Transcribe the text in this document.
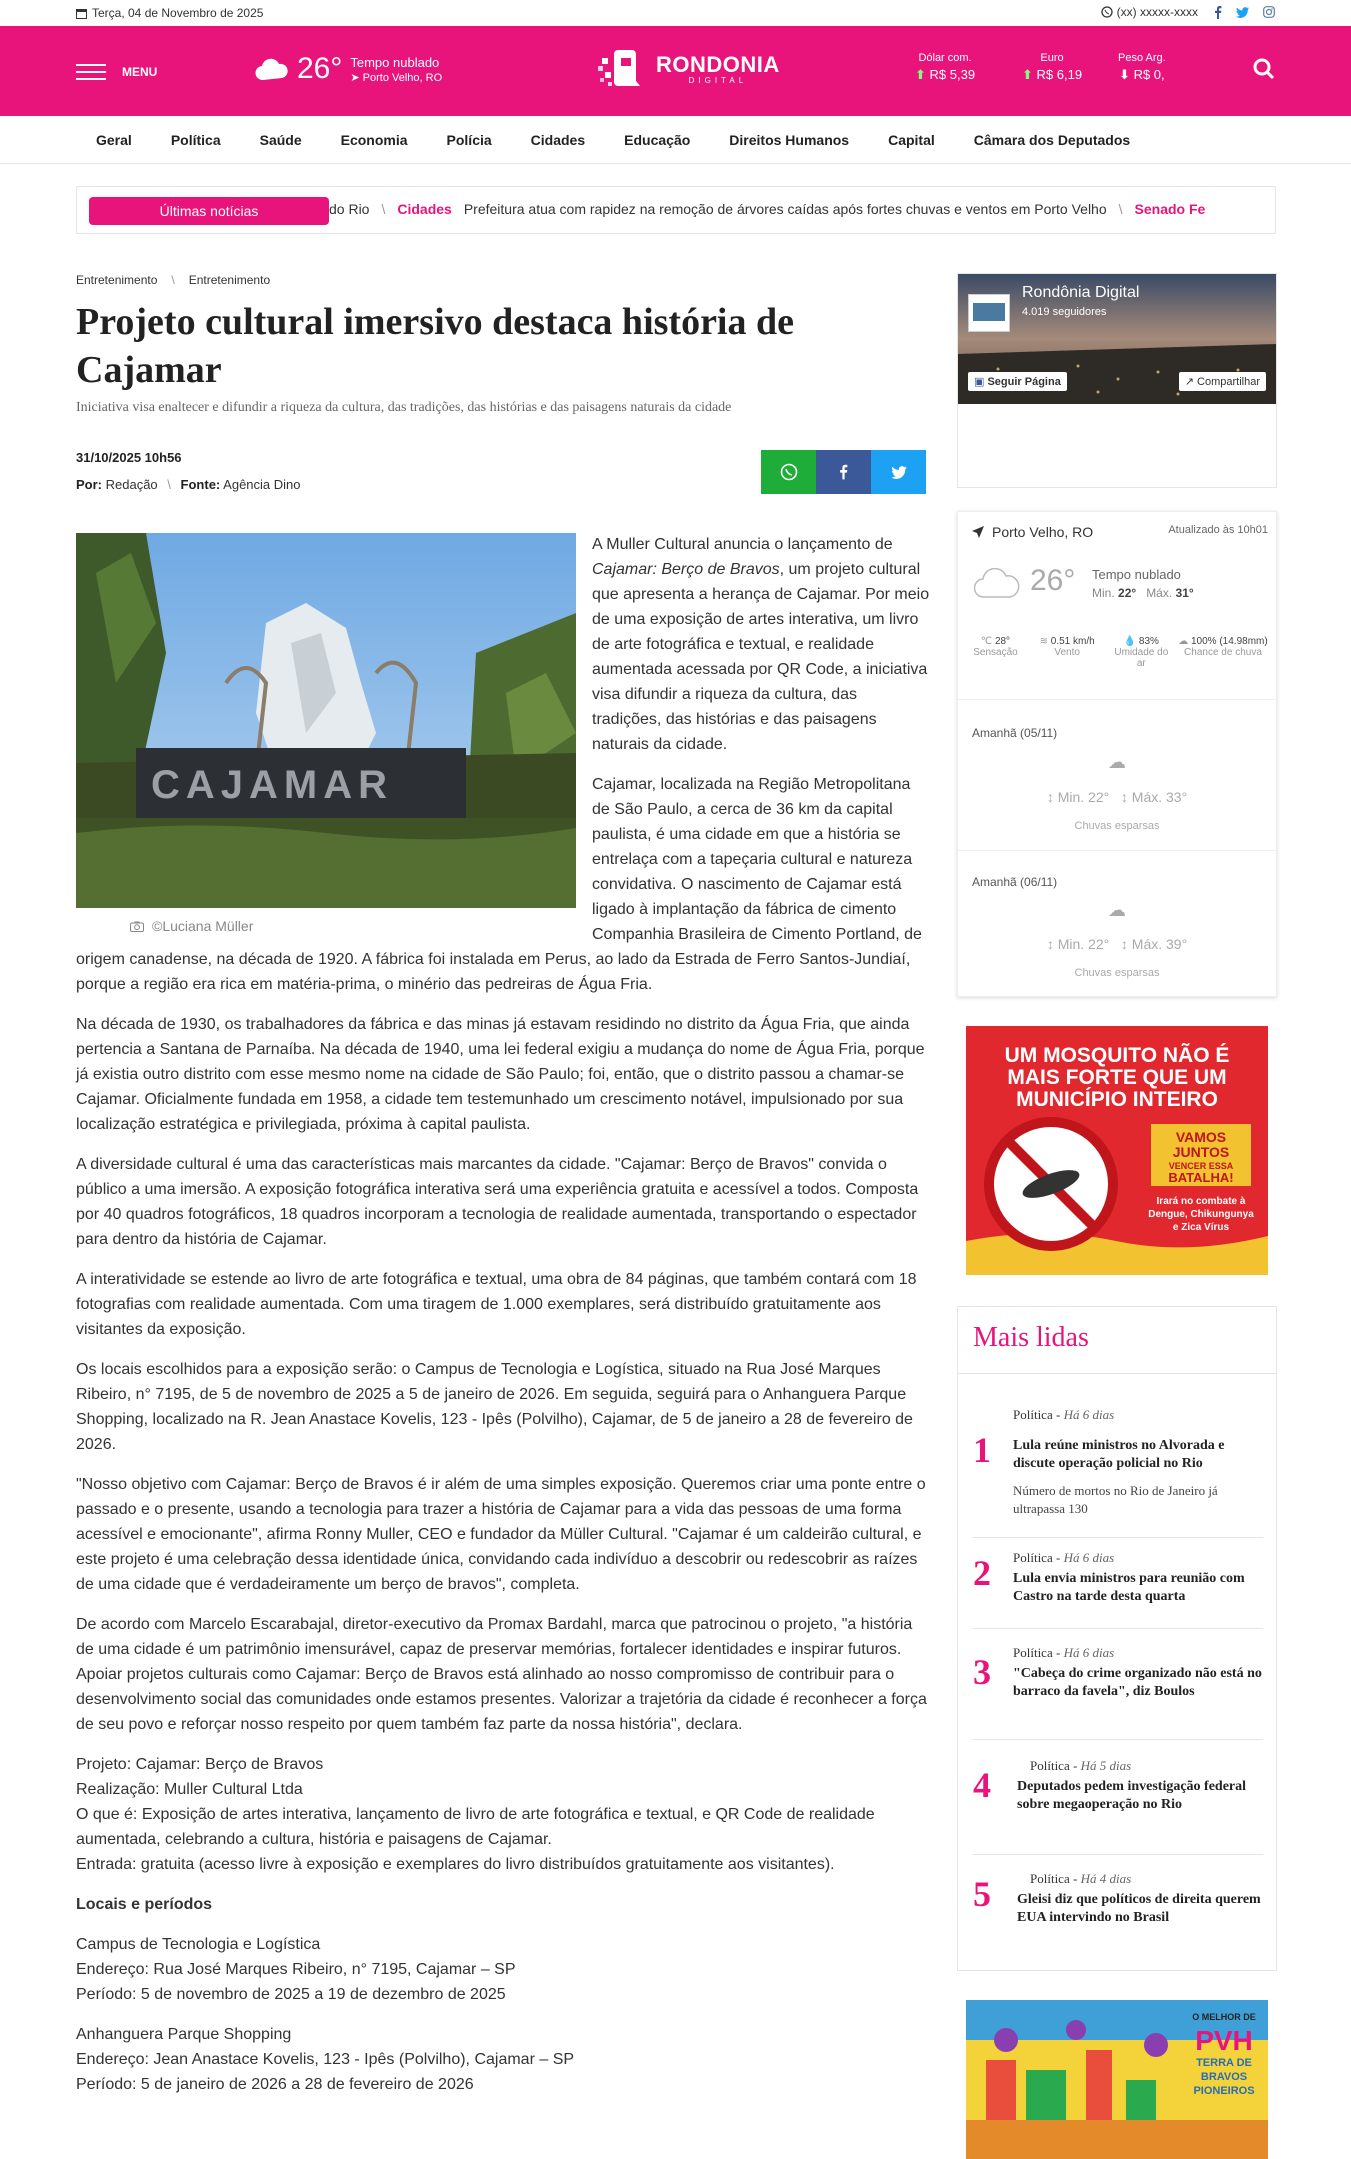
Terça, 04 de Novembro de 2025	(xx) xxxxx-xxxx
MENU	26° Tempo nublado
➤ Porto Velho, RO
RONDONIA
DIGITAL
Dólar com.
⬆ R$ 5,39
Euro
⬆ R$ 6,19
Peso Arg.
⬇ R$ 0,
Geral	Política	Saúde	Economia	Polícia	Cidades	Educação	Direitos Humanos	Capital	Câmara dos Deputados
Últimas notícias	do Rio \ Cidades Prefeitura atua com rapidez na remoção de árvores caídas após fortes chuvas e ventos em Porto Velho \ Senado Fe
Entretenimento \ Entretenimento
Projeto cultural imersivo destaca história de Cajamar
Iniciativa visa enaltecer e difundir a riqueza da cultura, das tradições, das histórias e das paisagens naturais da cidade
31/10/2025 10h56
Por: Redação \ Fonte: Agência Dino
CAJAMAR
©Luciana Müller

A Muller Cultural anuncia o lançamento de Cajamar: Berço de Bravos, um projeto cultural que apresenta a herança de Cajamar. Por meio de uma exposição de artes interativa, um livro de arte fotográfica e textual, e realidade aumentada acessada por QR Code, a iniciativa visa difundir a riqueza da cultura, das tradições, das histórias e das paisagens naturais da cidade.

Cajamar, localizada na Região Metropolitana de São Paulo, a cerca de 36 km da capital paulista, é uma cidade em que a história se entrelaça com a tapeçaria cultural e natureza convidativa. O nascimento de Cajamar está ligado à implantação da fábrica de cimento Companhia Brasileira de Cimento Portland, de origem canadense, na década de 1920. A fábrica foi instalada em Perus, ao lado da Estrada de Ferro Santos-Jundiaí, porque a região era rica em matéria-prima, o minério das pedreiras de Água Fria.

Na década de 1930, os trabalhadores da fábrica e das minas já estavam residindo no distrito da Água Fria, que ainda pertencia a Santana de Parnaíba. Na década de 1940, uma lei federal exigiu a mudança do nome de Água Fria, porque já existia outro distrito com esse mesmo nome na cidade de São Paulo; foi, então, que o distrito passou a chamar-se Cajamar. Oficialmente fundada em 1958, a cidade tem testemunhado um crescimento notável, impulsionado por sua localização estratégica e privilegiada, próxima à capital paulista.

A diversidade cultural é uma das características mais marcantes da cidade. "Cajamar: Berço de Bravos" convida o público a uma imersão. A exposição fotográfica interativa será uma experiência gratuita e acessível a todos. Composta por 40 quadros fotográficos, 18 quadros incorporam a tecnologia de realidade aumentada, transportando o espectador para dentro da história de Cajamar.

A interatividade se estende ao livro de arte fotográfica e textual, uma obra de 84 páginas, que também contará com 18 fotografias com realidade aumentada. Com uma tiragem de 1.000 exemplares, será distribuído gratuitamente aos visitantes da exposição.

Os locais escolhidos para a exposição serão: o Campus de Tecnologia e Logística, situado na Rua José Marques Ribeiro, n° 7195, de 5 de novembro de 2025 a 5 de janeiro de 2026. Em seguida, seguirá para o Anhanguera Parque Shopping, localizado na R. Jean Anastace Kovelis, 123 - Ipês (Polvilho), Cajamar, de 5 de janeiro a 28 de fevereiro de 2026.

"Nosso objetivo com Cajamar: Berço de Bravos é ir além de uma simples exposição. Queremos criar uma ponte entre o passado e o presente, usando a tecnologia para trazer a história de Cajamar para a vida das pessoas de uma forma acessível e emocionante", afirma Ronny Muller, CEO e fundador da Müller Cultural. "Cajamar é um caldeirão cultural, e este projeto é uma celebração dessa identidade única, convidando cada indivíduo a descobrir ou redescobrir as raízes de uma cidade que é verdadeiramente um berço de bravos", completa.

De acordo com Marcelo Escarabajal, diretor-executivo da Promax Bardahl, marca que patrocinou o projeto, "a história de uma cidade é um patrimônio imensurável, capaz de preservar memórias, fortalecer identidades e inspirar futuros. Apoiar projetos culturais como Cajamar: Berço de Bravos está alinhado ao nosso compromisso de contribuir para o desenvolvimento social das comunidades onde estamos presentes. Valorizar a trajetória da cidade é reconhecer a força de seu povo e reforçar nosso respeito por quem também faz parte da nossa história", declara.

Projeto: Cajamar: Berço de Bravos
Realização: Muller Cultural Ltda
O que é: Exposição de artes interativa, lançamento de livro de arte fotográfica e textual, e QR Code de realidade aumentada, celebrando a cultura, história e paisagens de Cajamar.
Entrada: gratuita (acesso livre à exposição e exemplares do livro distribuídos gratuitamente aos visitantes).

Locais e períodos

Campus de Tecnologia e Logística
Endereço: Rua José Marques Ribeiro, n° 7195, Cajamar – SP
Período: 5 de novembro de 2025 a 19 de dezembro de 2025

Anhanguera Parque Shopping
Endereço: Jean Anastace Kovelis, 123 - Ipês (Polvilho), Cajamar – SP
Período: 5 de janeiro de 2026 a 28 de fevereiro de 2026

Rondônia Digital
4.019 seguidores
▣ Seguir Página	↗ Compartilhar
Porto Velho, RO	Atualizado às 10h01
26° Tempo nublado
Min. 22° Máx. 31°
℃ 28°
Sensação
≋ 0.51 km/h
Vento
💧 83%
Umidade do ar
☁ 100% (14.98mm)
Chance de chuva
Amanhã (05/11)
☁
↕ Min. 22° ↕ Máx. 33°
Chuvas esparsas
Amanhã (06/11)
☁
↕ Min. 22° ↕ Máx. 39°
Chuvas esparsas
UM MOSQUITO NÃO É
MAIS FORTE QUE UM
MUNICÍPIO INTEIRO
VAMOS
JUNTOS
VENCER ESSA
BATALHA!
Irará no combate à
Dengue, Chikungunya
e Zica Vírus
Mais lidas
Política - Há 6 dias
1 Lula reúne ministros no Alvorada e discute operação policial no Rio
Número de mortos no Rio de Janeiro já ultrapassa 130
Política - Há 6 dias
2 Lula envia ministros para reunião com Castro na tarde desta quarta
Política - Há 6 dias
3 "Cabeça do crime organizado não está no barraco da favela", diz Boulos
Política - Há 5 dias
4 Deputados pedem investigação federal sobre megaoperação no Rio
Política - Há 4 dias
5 Gleisi diz que políticos de direita querem EUA intervindo no Brasil
O MELHOR DE
PVH
TERRA DE
BRAVOS
PIONEIROS
